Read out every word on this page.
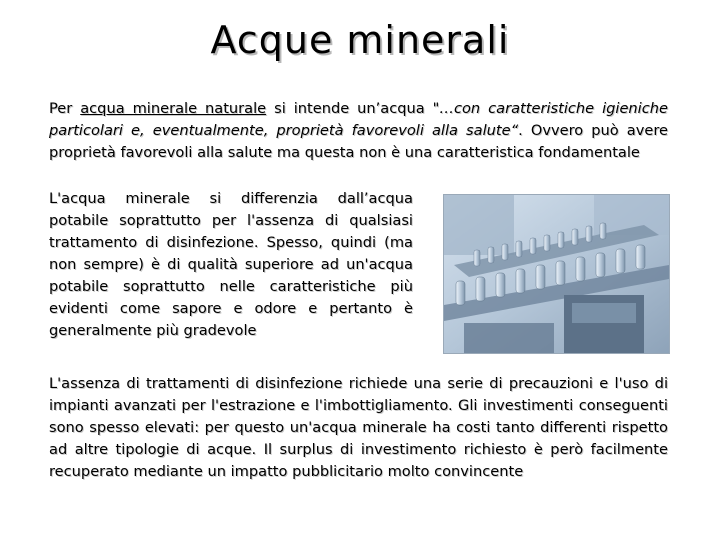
Acque minerali

Per acqua minerale naturale si intende un’acqua "…con caratteristiche igieniche particolari e, eventualmente, proprietà favorevoli alla salute“. Ovvero può avere proprietà favorevoli alla salute ma questa non è una caratteristica fondamentale

L'acqua minerale si differenzia dall’acqua potabile soprattutto per l'assenza di qualsiasi trattamento di disinfezione. Spesso, quindi (ma non sempre) è di qualità superiore ad un'acqua potabile soprattutto nelle caratteristiche più evidenti come sapore e odore e pertanto è generalmente più gradevole

L'assenza di trattamenti di disinfezione richiede una serie di precauzioni e l'uso di impianti avanzati per l'estrazione e l'imbottigliamento. Gli investimenti conseguenti sono spesso elevati: per questo un'acqua minerale ha costi tanto differenti rispetto ad altre tipologie di acque. Il surplus di investimento richiesto è però facilmente recuperato mediante un impatto pubblicitario molto convincente
